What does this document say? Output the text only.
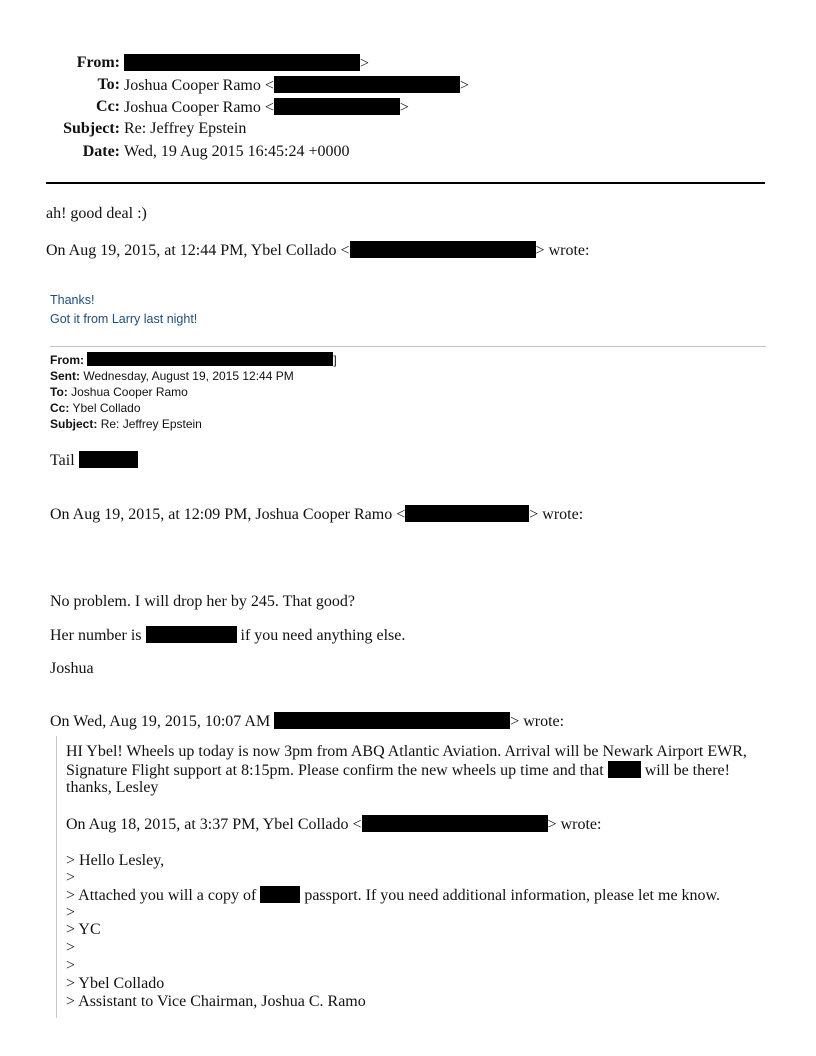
From:	>
To: Joshua Cooper Ramo <	>
Cc: Joshua Cooper Ramo <	>
Subject: Re: Jeffrey Epstein
Date: Wed, 19 Aug 2015 16:45:24 +0000
ah! good deal :)
On Aug 19, 2015, at 12:44 PM, Ybel Collado <	> wrote:
Thanks!
Got it from Larry last night!
From:	]
Sent: Wednesday, August 19, 2015 12:44 PM
To: Joshua Cooper Ramo
Cc: Ybel Collado
Subject: Re: Jeffrey Epstein
Tail
On Aug 19, 2015, at 12:09 PM, Joshua Cooper Ramo <	> wrote:
No problem. I will drop her by 245. That good?
Her number is	if you need anything else.
Joshua
On Wed, Aug 19, 2015, 10:07 AM	> wrote:
HI Ybel! Wheels up today is now 3pm from ABQ Atlantic Aviation. Arrival will be Newark Airport EWR,
Signature Flight support at 8:15pm. Please confirm the new wheels up time and that	will be there!
thanks, Lesley
On Aug 18, 2015, at 3:37 PM, Ybel Collado <	> wrote:
> Hello Lesley,
>
> Attached you will a copy of	passport. If you need additional information, please let me know.
>
> YC
>
>
> Ybel Collado
> Assistant to Vice Chairman, Joshua C. Ramo
